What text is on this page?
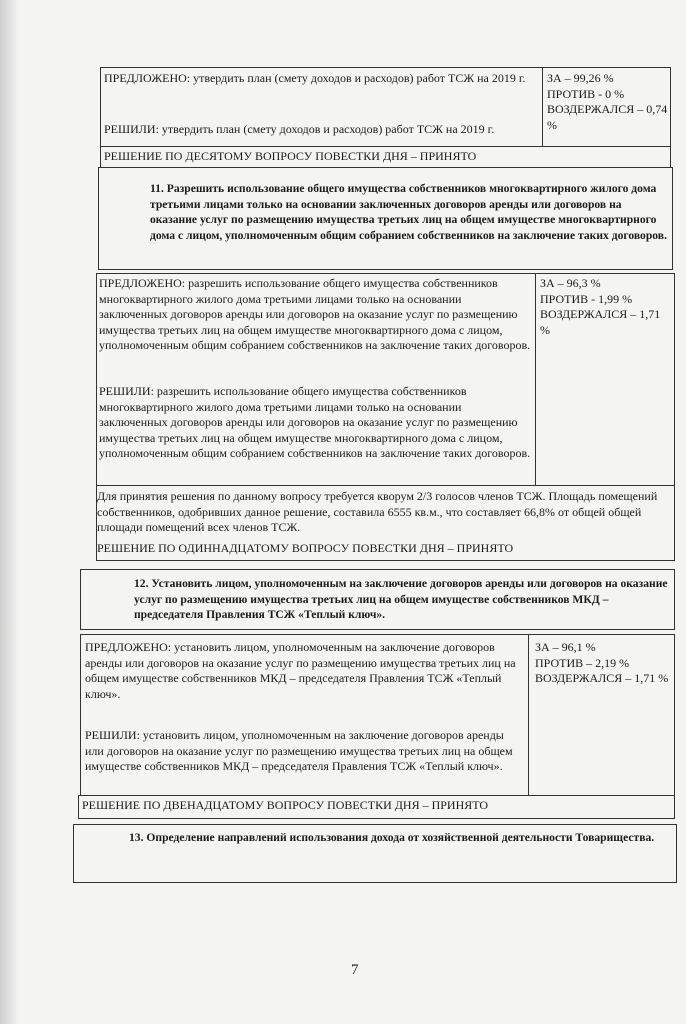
ПРЕДЛОЖЕНО: утвердить план (смету доходов и расходов) работ ТСЖ на 2019 г.
РЕШИЛИ: утвердить план (смету доходов и расходов) работ ТСЖ на 2019 г.
ЗА – 99,26 %
ПРОТИВ - 0 %
ВОЗДЕРЖАЛСЯ – 0,74 %
РЕШЕНИЕ ПО ДЕСЯТОМУ ВОПРОСУ ПОВЕСТКИ ДНЯ – ПРИНЯТО
11. Разрешить использование общего имущества собственников многоквартирного жилого дома третьими лицами только на основании заключенных договоров аренды или договоров на оказание услуг по размещению имущества третьих лиц на общем имуществе многоквартирного дома с лицом, уполномоченным общим собранием собственников на заключение таких договоров.
ПРЕДЛОЖЕНО: разрешить использование общего имущества собственников многоквартирного жилого дома третьими лицами только на основании заключенных договоров аренды или договоров на оказание услуг по размещению имущества третьих лиц на общем имуществе многоквартирного дома с лицом, уполномоченным общим собранием собственников на заключение таких договоров.
РЕШИЛИ: разрешить использование общего имущества собственников многоквартирного жилого дома третьими лицами только на основании заключенных договоров аренды или договоров на оказание услуг по размещению имущества третьих лиц на общем имуществе многоквартирного дома с лицом, уполномоченным общим собранием собственников на заключение таких договоров.
ЗА – 96,3 %
ПРОТИВ - 1,99 %
ВОЗДЕРЖАЛСЯ – 1,71 %
Для принятия решения по данному вопросу требуется кворум 2/3 голосов членов ТСЖ. Площадь помещений собственников, одобривших данное решение, составила 6555 кв.м., что составляет 66,8% от общей общей площади помещений всех членов ТСЖ.
РЕШЕНИЕ ПО ОДИННАДЦАТОМУ ВОПРОСУ ПОВЕСТКИ ДНЯ – ПРИНЯТО
12. Установить лицом, уполномоченным на заключение договоров аренды или договоров на оказание услуг по размещению имущества третьих лиц на общем имуществе собственников МКД – председателя Правления ТСЖ «Теплый ключ».
ПРЕДЛОЖЕНО: установить лицом, уполномоченным на заключение договоров аренды или договоров на оказание услуг по размещению имущества третьих лиц на общем имуществе собственников МКД – председателя Правления ТСЖ «Теплый ключ».
РЕШИЛИ: установить лицом, уполномоченным на заключение договоров аренды или договоров на оказание услуг по размещению имущества третьих лиц на общем имуществе собственников МКД – председателя Правления ТСЖ «Теплый ключ».
ЗА – 96,1 %
ПРОТИВ – 2,19 %
ВОЗДЕРЖАЛСЯ – 1,71 %
РЕШЕНИЕ ПО ДВЕНАДЦАТОМУ ВОПРОСУ ПОВЕСТКИ ДНЯ – ПРИНЯТО
13. Определение направлений использования дохода от хозяйственной деятельности Товарищества.
7
